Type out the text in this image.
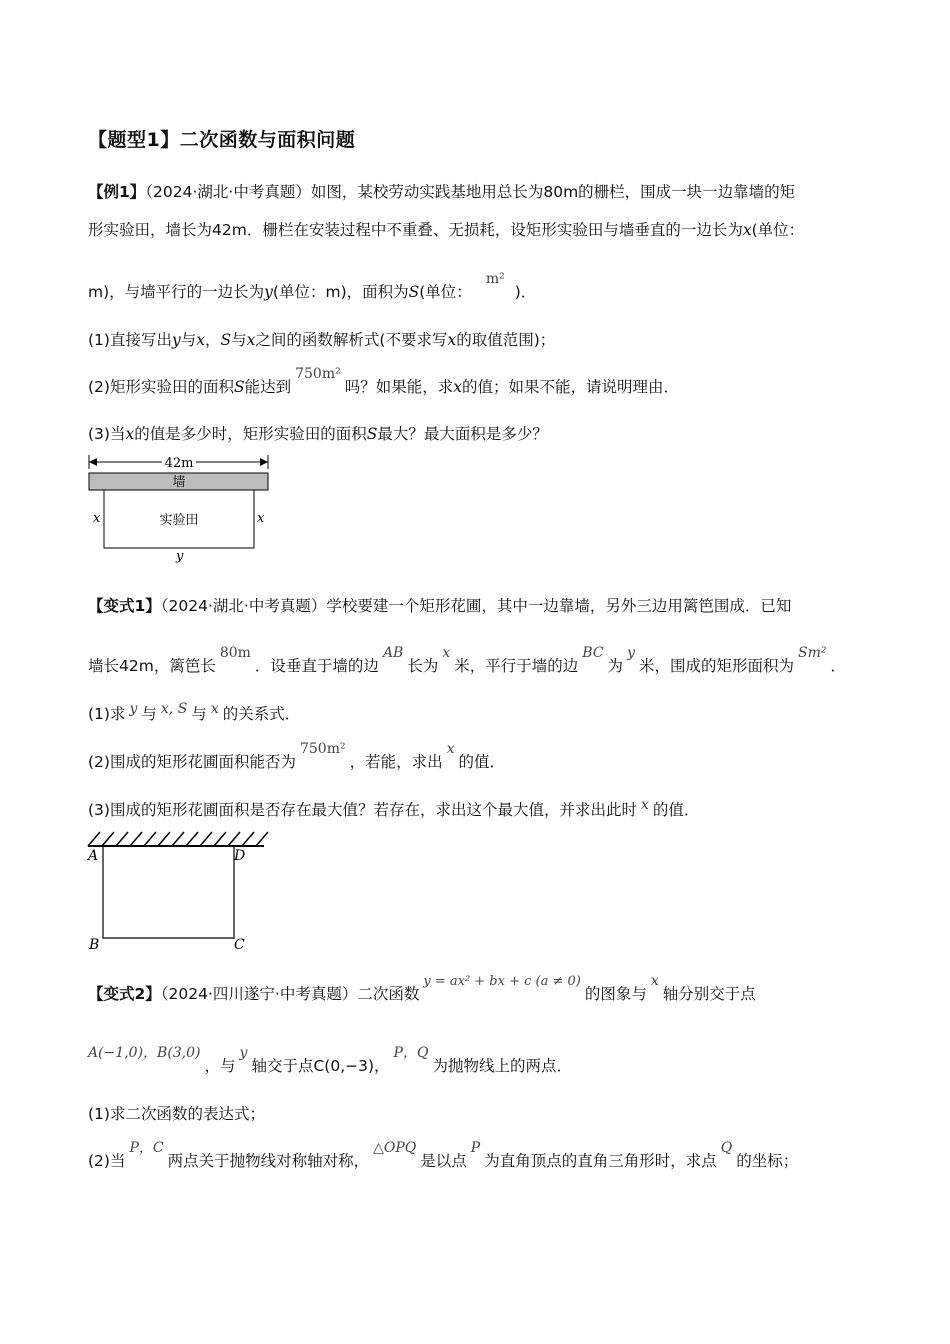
【题型1】二次函数与面积问题
【例1】（2024·湖北·中考真题）如图，某校劳动实践基地用总长为80m的栅栏，围成一块一边靠墙的矩
形实验田，墙长为42m．栅栏在安装过程中不重叠、无损耗，设矩形实验田与墙垂直的一边长为x(单位：
m)，与墙平行的一边长为y(单位：m)，面积为S(单位：m²)．
(1)直接写出y与x，S与x之间的函数解析式(不要求写x的取值范围)；
(2)矩形实验田的面积S能达到750m²吗？如果能，求x的值；如果不能，请说明理由．
(3)当x的值是多少时，矩形实验田的面积S最大？最大面积是多少？
42m
墙
实验田
x	x
y
【变式1】（2024·湖北·中考真题）学校要建一个矩形花圃，其中一边靠墙，另外三边用篱笆围成．已知
墙长42m，篱笆长80m．设垂直于墙的边AB长为x米，平行于墙的边BC为y米，围成的矩形面积为Sm²．
(1)求 y 与 x, S 与 x 的关系式．
(2)围成的矩形花圃面积能否为750m²，若能，求出x的值．
(3)围成的矩形花圃面积是否存在最大值？若存在，求出这个最大值，并求出此时 x 的值．
A	D
B	C
【变式2】（2024·四川遂宁·中考真题）二次函数$^{y = ax^2 + bx + c (a \ne 0)}$的图象与x轴分别交于点
A(−1,0)，B(3,0)，与y轴交于点C(0,−3)，P，Q为抛物线上的两点．
(1)求二次函数的表达式；
(2)当P，C两点关于抛物线对称轴对称，△OPQ是以点P为直角顶点的直角三角形时，求点Q的坐标；
